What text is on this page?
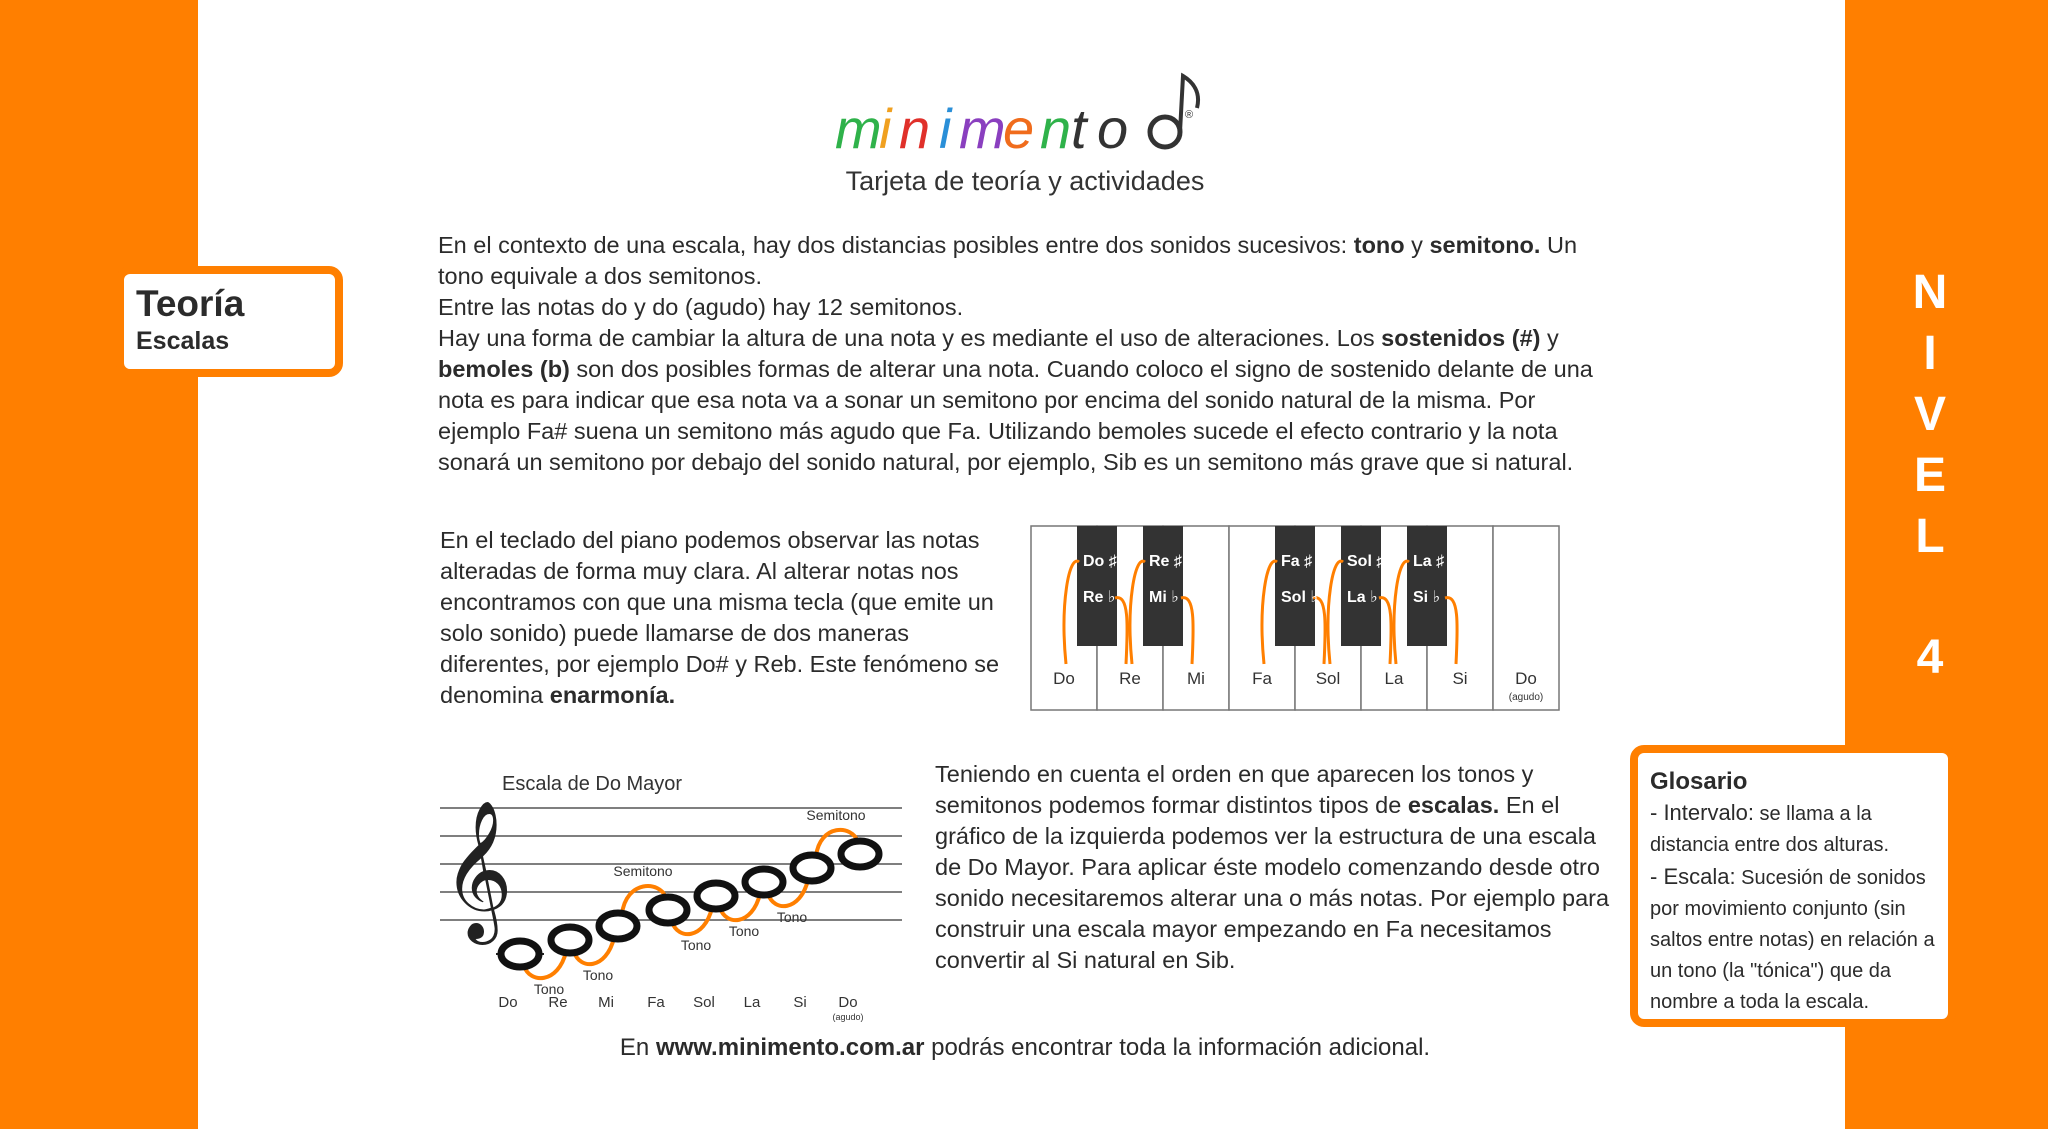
Teoría
Escalas
N
I
V
E
L
4
m
i n i m
e n t o	®
Tarjeta de teoría y actividades
En el contexto de una escala, hay dos distancias posibles entre dos sonidos sucesivos: tono y semitono. Un tono equivale a dos semitonos.
Entre las notas do y do (agudo) hay 12 semitonos.
Hay una forma de cambiar la altura de una nota y es mediante el uso de alteraciones. Los sostenidos (#) y bemoles (b) son dos posibles formas de alterar una nota. Cuando coloco el signo de sostenido delante de una nota es para indicar que esa nota va a sonar un semitono por encima del sonido natural de la misma. Por ejemplo Fa# suena un semitono más agudo que Fa. Utilizando bemoles sucede el efecto contrario y la nota sonará un semitono por debajo del sonido natural, por ejemplo, Sib es un semitono más grave que si natural.
En el teclado del piano podemos observar las notas alteradas de forma muy clara. Al alterar notas nos encontramos con que una misma tecla (que emite un solo sonido) puede llamarse de dos maneras diferentes, por ejemplo Do# y Reb. Este fenómeno se denomina enarmonía.
Do	Re	Mi	Fa	Sol	La	Si	Do
(agudo)
Do ♯
Re ♭
Re ♯
Mi ♭
Fa ♯
Sol ♭
Sol ♯
La ♭
La ♯
Si ♭
Escala de Do Mayor
𝄞
Do Re Mi Fa Sol La Si Do
(agudo)
Tono
Tono
Semitono
Tono
Tono
Tono
Semitono
Teniendo en cuenta el orden en que aparecen los tonos y semitonos podemos formar distintos tipos de escalas. En el gráfico de la izquierda podemos ver la estructura de una escala de Do Mayor. Para aplicar éste modelo comenzando desde otro sonido necesitaremos alterar una o más notas. Por ejemplo para construir una escala mayor empezando en Fa necesitamos convertir al Si natural en Sib.
Glosario
- Intervalo: se llama a la distancia entre dos alturas.
- Escala: Sucesión de sonidos por movimiento conjunto (sin saltos entre notas) en relación a un tono (la "tónica") que da nombre a toda la escala.
En www.minimento.com.ar podrás encontrar toda la información adicional.
